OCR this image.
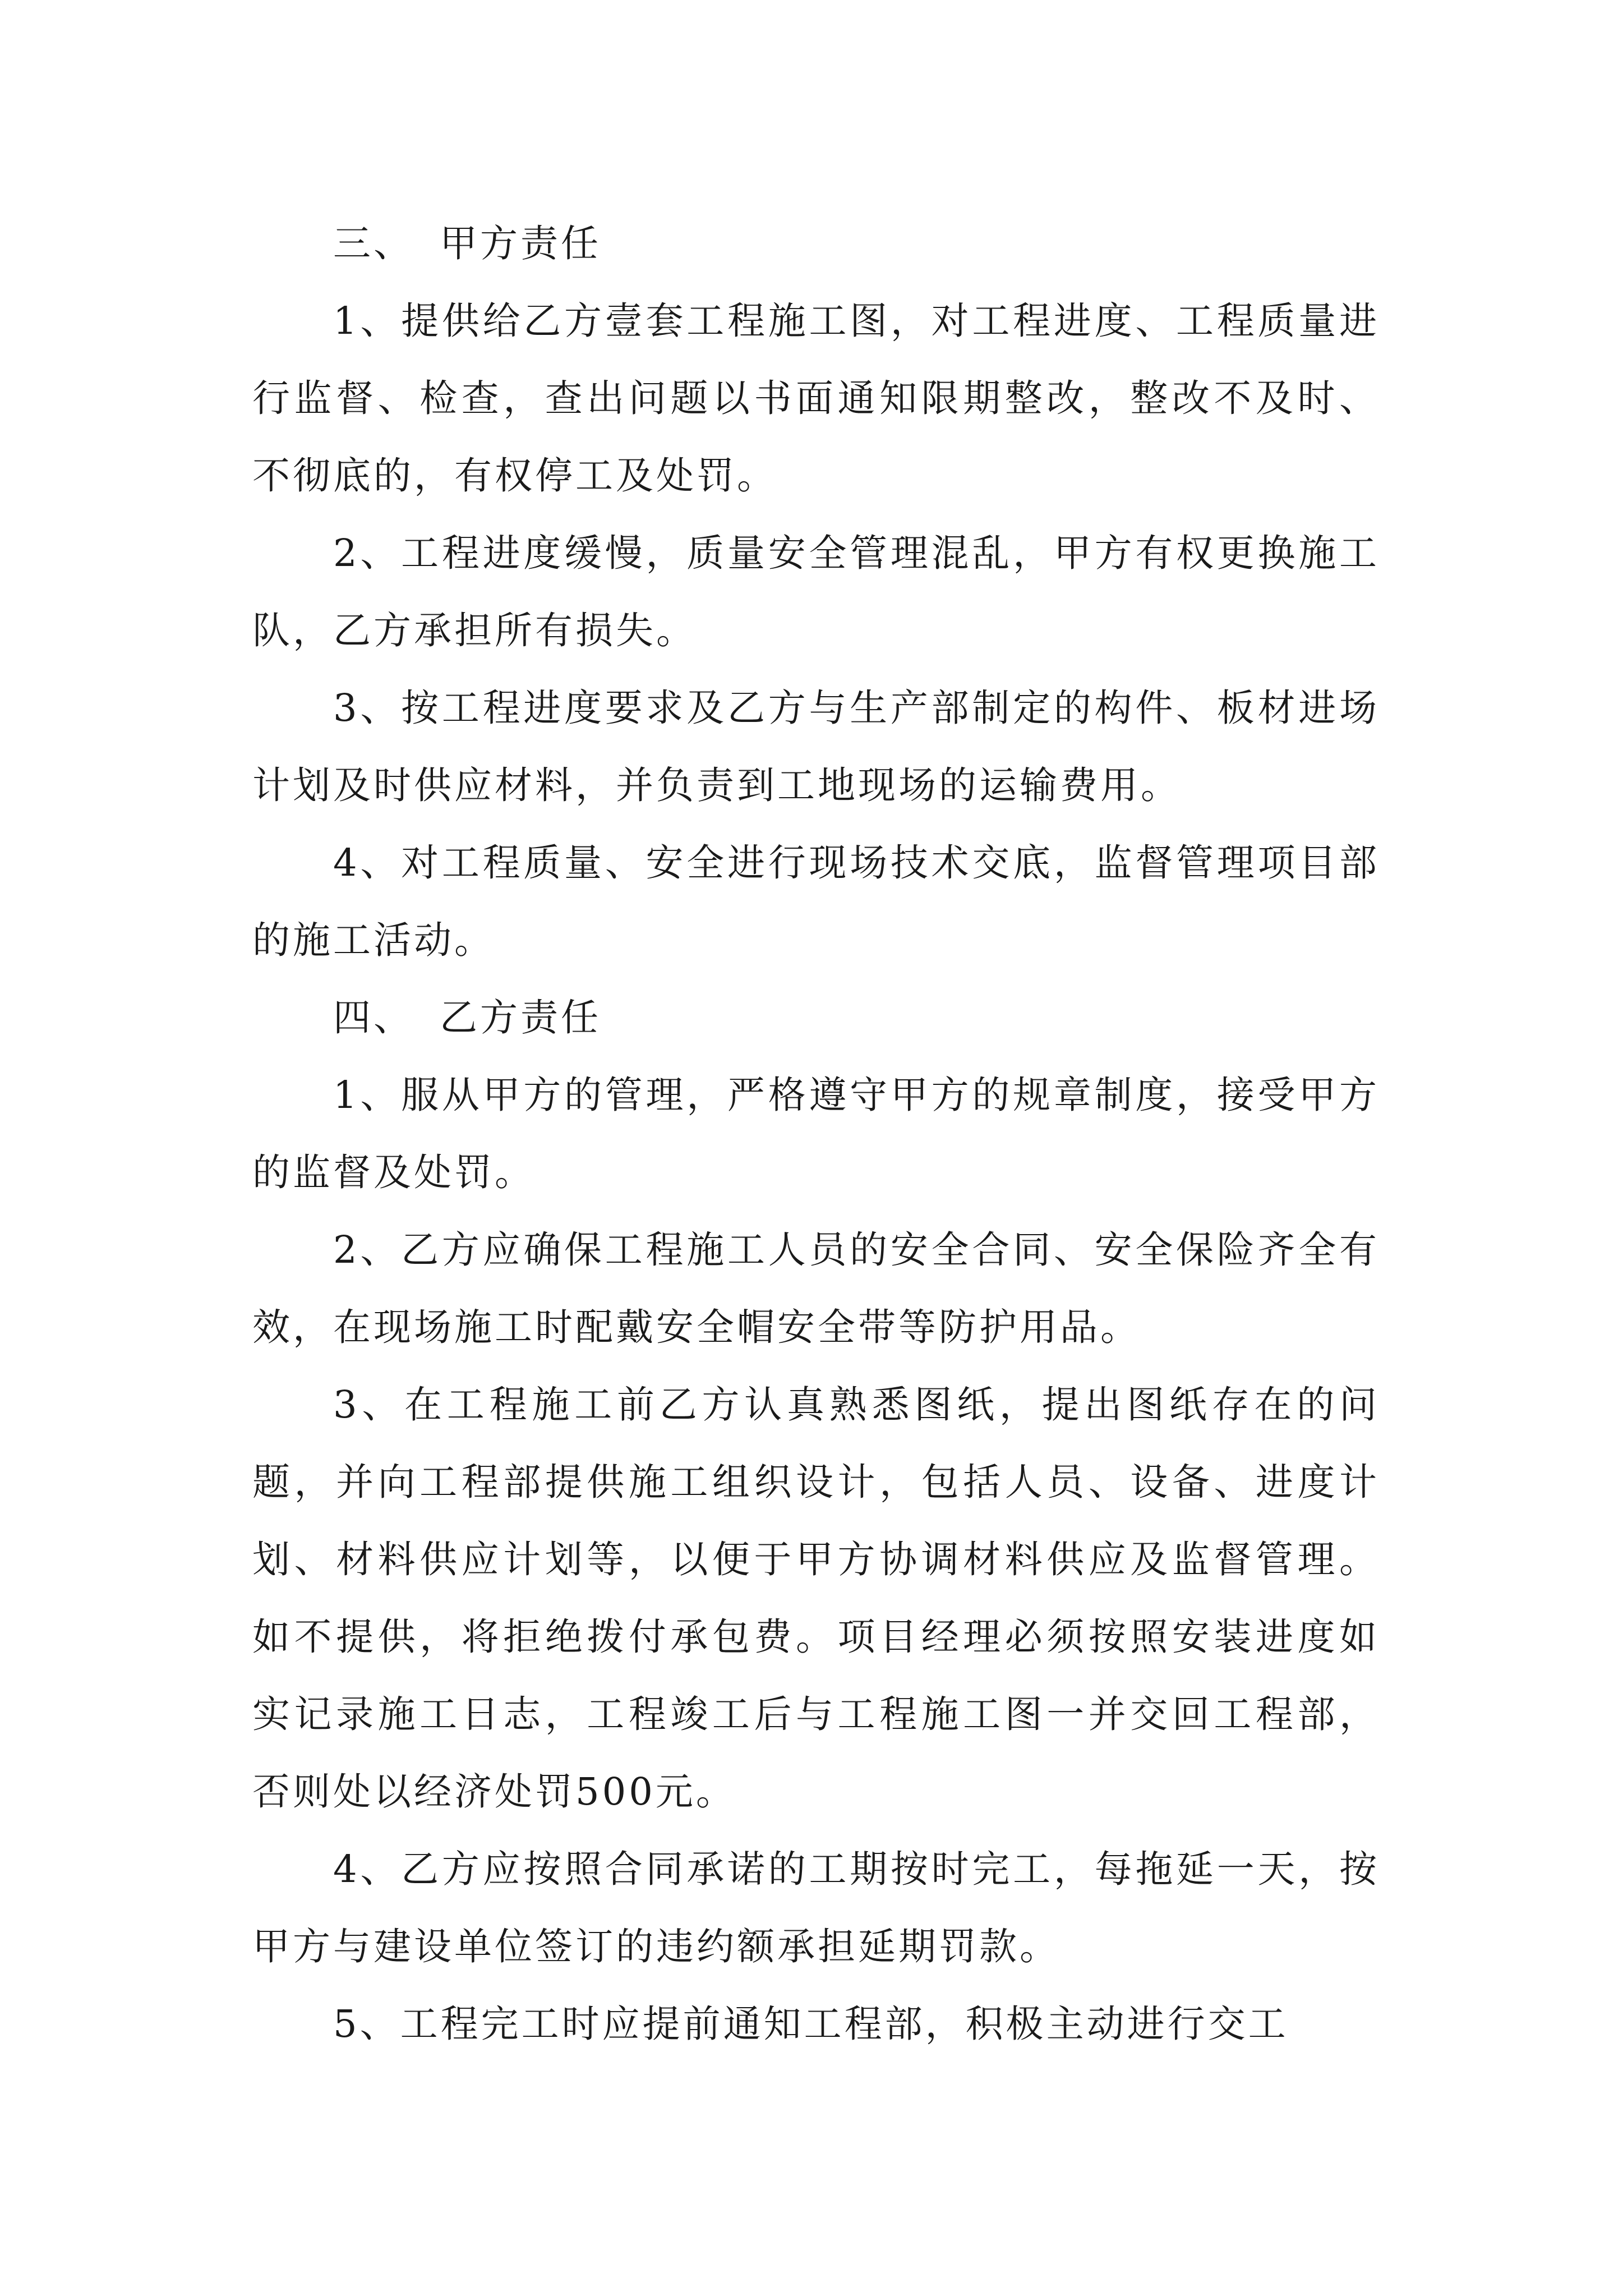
三、 甲方责任

1、提供给乙方壹套工程施工图，对工程进度、工程质量进行监督、检查，查出问题以书面通知限期整改，整改不及时、不彻底的，有权停工及处罚。

2、工程进度缓慢，质量安全管理混乱，甲方有权更换施工队，乙方承担所有损失。

3、按工程进度要求及乙方与生产部制定的构件、板材进场计划及时供应材料，并负责到工地现场的运输费用。

4、对工程质量、安全进行现场技术交底，监督管理项目部的施工活动。

四、 乙方责任

1、服从甲方的管理，严格遵守甲方的规章制度，接受甲方的监督及处罚。

2、乙方应确保工程施工人员的安全合同、安全保险齐全有效，在现场施工时配戴安全帽安全带等防护用品。

3、在工程施工前乙方认真熟悉图纸，提出图纸存在的问题，并向工程部提供施工组织设计，包括人员、设备、进度计划、材料供应计划等，以便于甲方协调材料供应及监督管理。如不提供，将拒绝拨付承包费。项目经理必须按照安装进度如实记录施工日志，工程竣工后与工程施工图一并交回工程部，否则处以经济处罚500元。

4、乙方应按照合同承诺的工期按时完工，每拖延一天，按甲方与建设单位签订的违约额承担延期罚款。

5、工程完工时应提前通知工程部，积极主动进行交工
